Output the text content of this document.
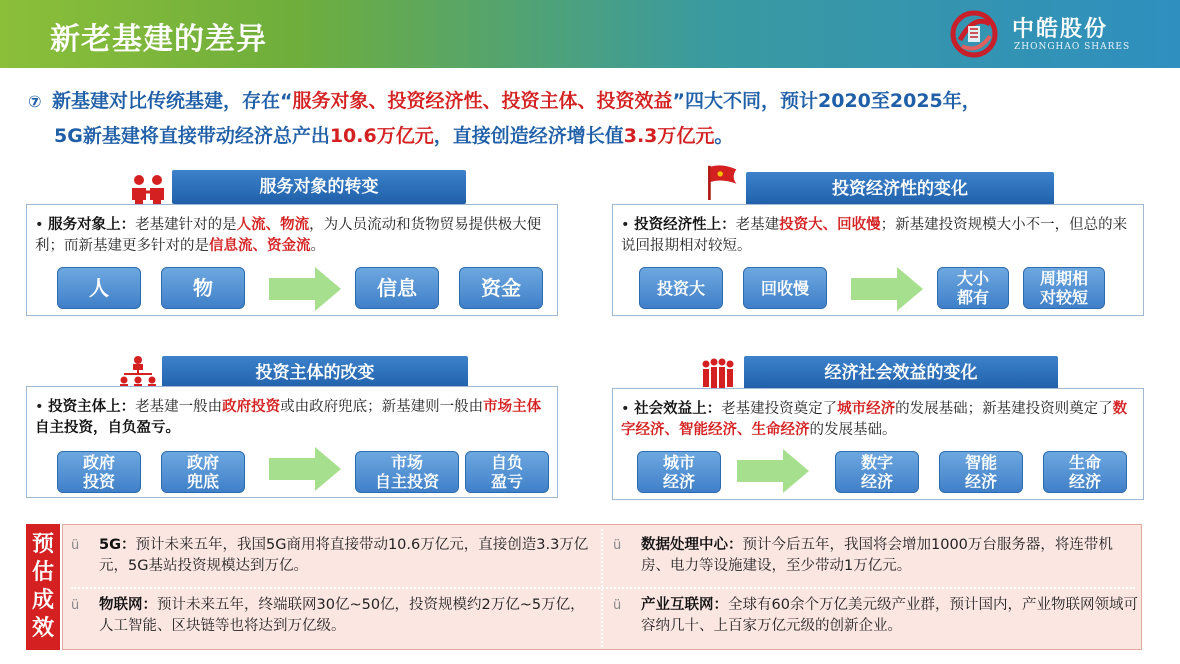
新老基建的差异	中皓股份
ZHONGHAO SHARES
⑦ 新基建对比传统基建，存在“服务对象、投资经济性、投资主体、投资效益”四大不同，预计2020至2025年，
5G新基建将直接带动经济总产出10.6万亿元，直接创造经济增长值3.3万亿元。
服务对象的转变
• 服务对象上：老基建针对的是人流、物流，为人员流动和货物贸易提供极大便利；而新基建更多针对的是信息流、资金流。
人	物	信息	资金
投资经济性的变化
• 投资经济性上：老基建投资大、回收慢；新基建投资规模大小不一，但总的来说回报期相对较短。
投资大	回收慢	大小
都有
周期相
对较短
投资主体的改变
• 投资主体上：老基建一般由政府投资或由政府兜底；新基建则一般由市场主体自主投资，自负盈亏。
政府
投资
政府
兜底
市场
自主投资
自负
盈亏
经济社会效益的变化
• 社会效益上：老基建投资奠定了城市经济的发展基础；新基建投资则奠定了数字经济、智能经济、生命经济的发展基础。
城市
经济
数字
经济
智能
经济
生命
经济
预
估
成
效
ü	5G：预计未来五年，我国5G商用将直接带动10.6万亿元，直接创造3.3万亿元，5G基站投资规模达到万亿。
ü	数据处理中心：预计今后五年，我国将会增加1000万台服务器，将连带机房、电力等设施建设，至少带动1万亿元。
ü	物联网：预计未来五年，终端联网30亿~50亿，投资规模约2万亿~5万亿，人工智能、区块链等也将达到万亿级。
ü	产业互联网：全球有60余个万亿美元级产业群，预计国内，产业物联网领域可容纳几十、上百家万亿元级的创新企业。
